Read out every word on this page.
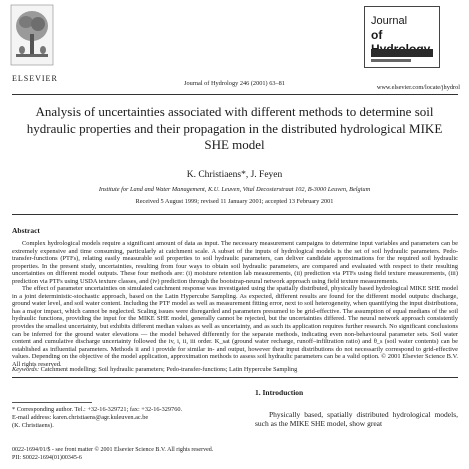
ELSEVIER
Journal of Hydrology 246 (2001) 63–81
Journal
of
www.elsevier.com/locate/jhydrol
Analysis of uncertainties associated with different methods to determine soil hydraulic properties and their propagation in the distributed hydrological MIKE SHE model
K. Christiaens*, J. Feyen
Institute for Land and Water Management, K.U. Leuven, Vital Decosterstraat 102, B-3000 Leuven, Belgium
Received 5 August 1999; revised 11 January 2001; accepted 13 February 2001
Abstract

Complex hydrological models require a significant amount of data as input. The necessary measurement campaigns to determine input variables and parameters can be extremely expensive and time consuming, particularly at catchment scale. A subset of the inputs of hydrological models is the set of soil hydraulic parameters. Pedo-transfer-functions (PTFs), relating easily measurable soil properties to soil hydraulic parameters, can deliver candidate approximations for the required soil hydraulic properties. In the present study, uncertainties, resulting from four ways to obtain soil hydraulic parameters, are compared and evaluated with respect to their resulting uncertainties on different model outputs. These four methods are: (i) moisture retention lab measurements, (ii) prediction via PTFs using field texture measurements, (iii) prediction via PTFs using USDA texture classes, and (iv) prediction through the bootstrap-neural network approach using field texture measurements.

The effect of parameter uncertainties on simulated catchment response was investigated using the spatially distributed, physically based hydrological MIKE SHE model in a joint deterministic-stochastic approach, based on the Latin Hypercube Sampling. As expected, different results are found for the different model outputs: discharge, ground water level, and soil water content. Including the PTF model as well as measurement fitting error, next to soil heterogeneity, when quantifying the input distributions, has a major impact, which cannot be neglected. Scaling issues were disregarded and parameters presumed to be grid-effective. The assumption of equal medians of the soil hydraulic functions, providing the input for the MIKE SHE model, generally cannot be rejected, but the uncertainties differed. The neural network approach consistently provides the smallest uncertainty, but exhibits different median values as well as uncertainty, and as such its application requires further research. No significant conclusions can be inferred for the ground water elevations — the model behaved differently for the separate methods, indicating even non-behavioural parameter sets. Soil water content and cumulative discharge uncertainty followed the iv, i, ii, iii order. K_sat (ground water recharge, runoff–infiltration ratio) and θ_s (soil water contents) can be established as influential parameters. Methods ii and i provide for similar in- and output, however their input distributions do not necessarily correspond to grid-effective values. Depending on the objective of the model application, approximation methods to assess soil hydraulic parameters can be a valid option. © 2001 Elsevier Science B.V. All rights reserved.

Keywords: Catchment modelling; Soil hydraulic parameters; Pedo-transfer-functions; Latin Hypercube Sampling
* Corresponding author. Tel.: +32-16-329721; fax: +32-16-329760.
E-mail address: karen.christiaens@agr.kuleuven.ac.be
(K. Christiaens).
0022-1694/01/$ - see front matter © 2001 Elsevier Science B.V. All rights reserved.
PII: S0022-1694(01)00345-6
1. Introduction

Physically based, spatially distributed hydrological models, such as the MIKE SHE model, show great
